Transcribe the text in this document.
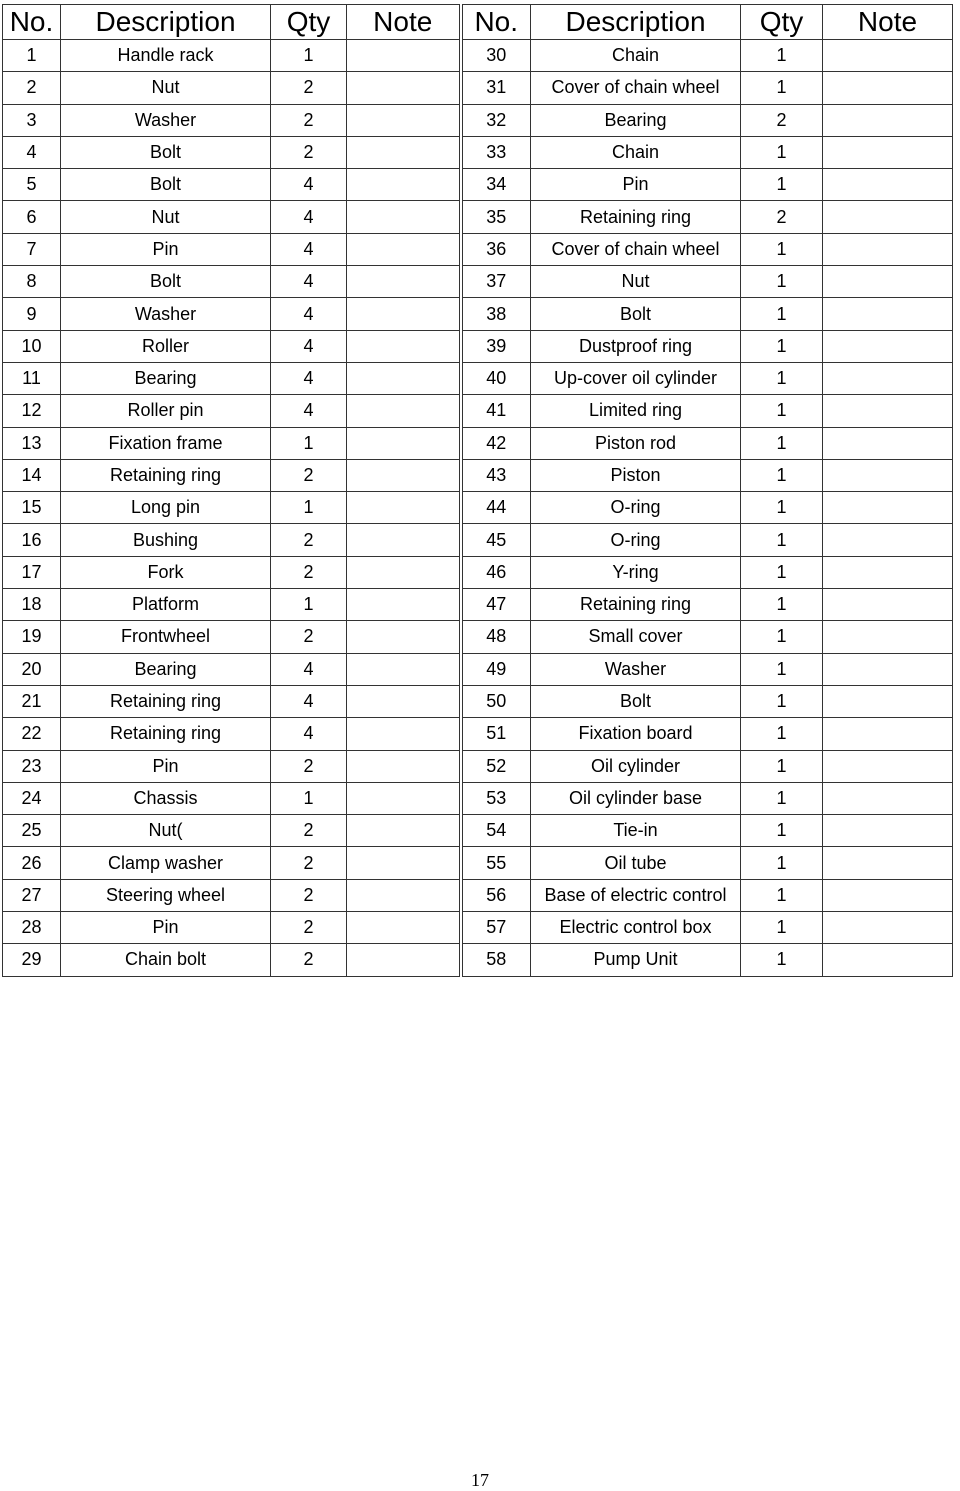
No.	Description	Qty	Note	No.	Description	Qty	Note
1	Handle rack	1		30	Chain	1	
2	Nut	2		31	Cover of chain wheel	1	
3	Washer	2		32	Bearing	2	
4	Bolt	2		33	Chain	1	
5	Bolt	4		34	Pin	1	
6	Nut	4		35	Retaining ring	2	
7	Pin	4		36	Cover of chain wheel	1	
8	Bolt	4		37	Nut	1	
9	Washer	4		38	Bolt	1	
10	Roller	4		39	Dustproof ring	1	
11	Bearing	4		40	Up-cover oil cylinder	1	
12	Roller pin	4		41	Limited ring	1	
13	Fixation frame	1		42	Piston rod	1	
14	Retaining ring	2		43	Piston	1	
15	Long pin	1		44	O-ring	1	
16	Bushing	2		45	O-ring	1	
17	Fork	2		46	Y-ring	1	
18	Platform	1		47	Retaining ring	1	
19	Frontwheel	2		48	Small cover	1	
20	Bearing	4		49	Washer	1	
21	Retaining ring	4		50	Bolt	1	
22	Retaining ring	4		51	Fixation board	1	
23	Pin	2		52	Oil cylinder	1	
24	Chassis	1		53	Oil cylinder base	1	
25	Nut(	2		54	Tie-in	1	
26	Clamp washer	2		55	Oil tube	1	
27	Steering wheel	2		56	Base of electric control	1	
28	Pin	2		57	Electric control box	1	
29	Chain bolt	2		58	Pump Unit	1	
17
